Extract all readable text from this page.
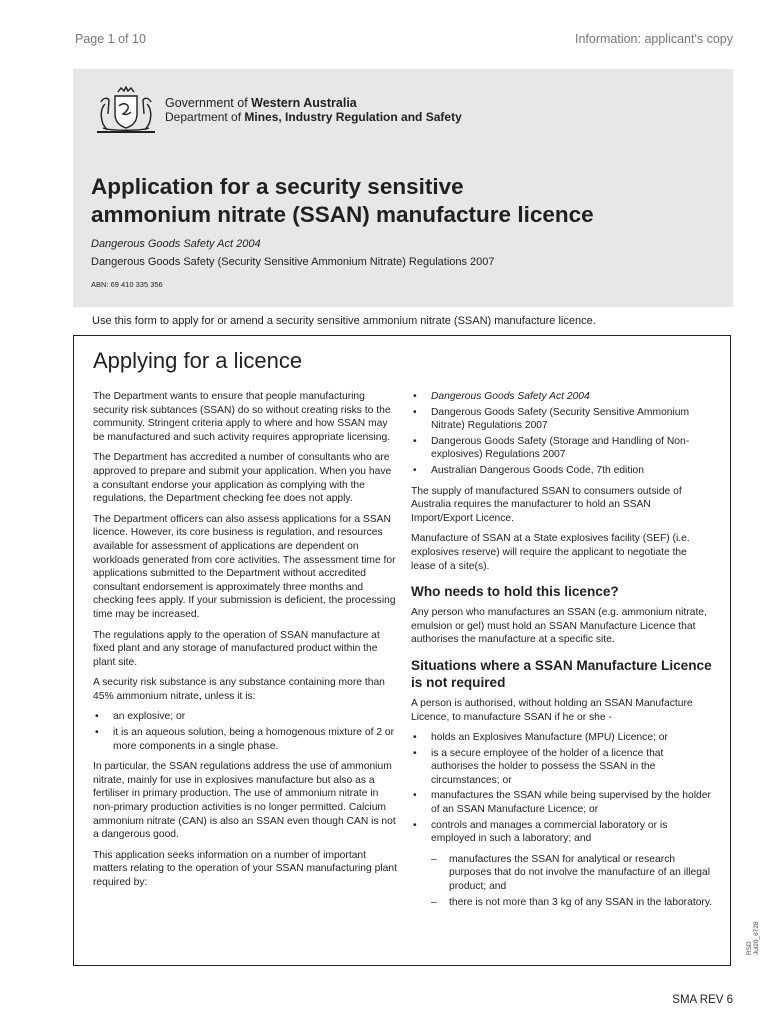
Page 1 of 10	Information: applicant's copy
Government of Western Australia
Department of Mines, Industry Regulation and Safety
Application for a security sensitive
ammonium nitrate (SSAN) manufacture licence
Dangerous Goods Safety Act 2004
Dangerous Goods Safety (Security Sensitive Ammonium Nitrate) Regulations 2007
ABN: 69 410 335 356
Use this form to apply for or amend a security sensitive ammonium nitrate (SSAN) manufacture licence.
Applying for a licence

The Department wants to ensure that people manufacturing security risk subtances (SSAN) do so without creating risks to the community. Stringent criteria apply to where and how SSAN may be manufactured and such activity requires appropriate licensing.

The Department has accredited a number of consultants who are approved to prepare and submit your application. When you have a consultant endorse your application as complying with the regulations, the Department checking fee does not apply.

The Department officers can also assess applications for a SSAN licence. However, its core business is regulation, and resources available for assessment of applications are dependent on workloads generated from core activities. The assessment time for applications submitted to the Department without accredited consultant endorsement is approximately three months and checking fees apply. If your submission is deficient, the processing time may be increased.

The regulations apply to the operation of SSAN manufacture at fixed plant and any storage of manufactured product within the plant site.

A security risk substance is any substance containing more than 45% ammonium nitrate, unless it is:

• an explosive; or
• it is an aqueous solution, being a homogenous mixture of 2 or more components in a single phase.

In particular, the SSAN regulations address the use of ammonium nitrate, mainly for use in explosives manufacture but also as a fertiliser in primary production. The use of ammonium nitrate in non-primary production activities is no longer permitted. Calcium ammonium nitrate (CAN) is also an SSAN even though CAN is not a dangerous good.

This application seeks information on a number of important matters relating to the operation of your SSAN manufacturing plant required by:

• Dangerous Goods Safety Act 2004
• Dangerous Goods Safety (Security Sensitive Ammonium Nitrate) Regulations 2007
• Dangerous Goods Safety (Storage and Handling of Non-explosives) Regulations 2007
• Australian Dangerous Goods Code, 7th edition

The supply of manufactured SSAN to consumers outside of Australia requires the manufacturer to hold an SSAN Import/Export Licence.

Manufacture of SSAN at a State explosives facility (SEF) (i.e. explosives reserve) will require the applicant to negotiate the lease of a site(s).

Who needs to hold this licence?

Any person who manufactures an SSAN (e.g. ammonium nitrate, emulsion or gel) must hold an SSAN Manufacture Licence that authorises the manufacture at a specific site.

Situations where a SSAN Manufacture Licence is not required

A person is authorised, without holding an SSAN Manufacture Licence, to manufacture SSAN if he or she -

• holds an Explosives Manufacture (MPU) Licence; or
• is a secure employee of the holder of a licence that authorises the holder to possess the SSAN in the circumstances; or
• manufactures the SSAN while being supervised by the holder of an SSAN Manufacture Licence; or
• controls and manages a commercial laboratory or is employed in such a laboratory; and
– manufactures the SSAN for analytical or research purposes that do not involve the manufacture of an illegal product; and
– there is not more than 3 kg of any SSAN in the laboratory.
RSD Jul20_6728
SMA REV 6
